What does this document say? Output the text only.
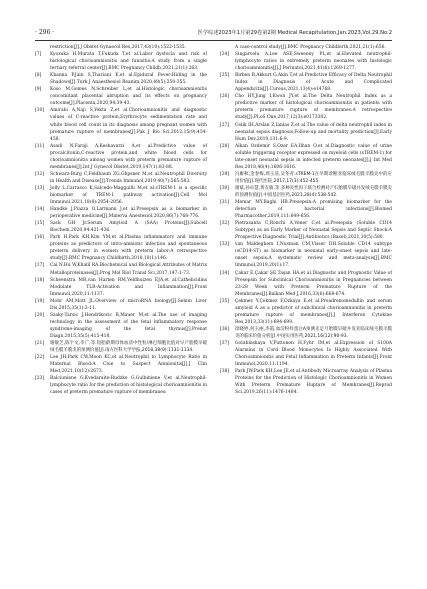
· 296 ·	医学综述2023年1月第29卷第2期 Medical Recapitulation,Jan.2023,Vol.29,No.2
restriction[J].J Obstet Gynaecol Res,2017,43(10):1522-1535.
[7]	Kyozuka H,Murata T,Fukuda T,et al.Labor dystocia and risk of histological chorioamnionitis and funisitis:A study from a single tertiary referral center[J].BMC Pregnancy Childb,2021,21(1):263.
[8]	Khanna P,Jain S,Thariani K,et al.Epidural Fever:Hiding in the Shadows[J].Turk J Anaesthesiol Reanim,2020,48(5):350-355.
[9]	Koso M,Gomes N,Schreiber L,et al.Histologic chorioamnionitis concomitant placental abruption and its effects on pregnancy outcome[J].Placenta,2020,94:39-43.
[10]	Amirabi A,Naji S,Yekta Z,et al.Chorioamnionitis and diagnostic values of C-reactive protein,Erythrocyte sedimentation rate and white blood cell count in its diagnosis among pregnant women with premature rupture of membranes[J].Pak J Bio Sci,2012,15(9):454-458.
[11]	Asadi N,Faraji A,Keshavarzi A,et al.Predictive value of procalcitonin,C-reactive protein,and white blood cells for chorioamnionitis among women with preterm premature rupture of membranes[J].Int J Gynecol Obstet,2019,147(1):83-88.
[12]	Schwarz-Burg C,Feldbaum ZG,Gbpsner M,et al.Neutrophil Diversity in Health and Disease[J].Trends Immunol,2019,40(7):565-583.
[13]	Jolly L,Carrasco K,Salcedo-Magguilli M,et al.sTREM-1 is a specific biomarker of TREM-1 pathway activation[J].Cell Mol Immunol,2021,18(8):2054-2056.
[14]	Handke J,Piazza O,Larmann J,et al.Presepsin as a biomarker in perioperative medicine[J].Minerva Anestesiol,2020,86(7):768-776.
[15]	Sack GH Jr.Serum Amyloid A (SAA) Proteins[J].Subcell Biochem,2020,94:421-436.
[16]	Park H,Park KH,Kim YM,et al.Plasma inflammatory and immune proteins as predictors of intra-amniotic infection and spontaneous preterm delivery in women with preterm labor:A retrospective study[J].BMC Pregnancy Childbirth,2018,18(1):146.
[17]	Cai N,Hu W,Khalil RA.Biochemical and Biological Attributes of Matrix Metalloproteinases[J].Prog Mol Biol Transl Sci,2017,147:1-73.
[18]	Scheenstra MR,van Harten RM,Veldhuizen EJA,et al.Cathelicidins Modulate TLR-Activation and Inflammation[J].Front Immunol,2020,11:1137.
[19]	Mohr AM,Mott JL.Overview of microRNA biology[J].Semin Liver Dis,2015,35(1):3-11.
[20]	Szaky-Tarsic J,Hendrikovic B,Mauer M,et al.The use of imaging technology in the assessment of the fetal inflammatory response syndrome-imaging of the fetal thymus[J].Prenat Diagn,2015,35(5):415-418.
[21]	谢敏芝,陈宇文,李广,等.短胎龄期母体血清中性粒/淋巴细胞比值对早产胎膜早破绒毛膜羊膜炎的预测价值[J].南方医科大学学报,2018,38(9):1131-1134.
[22]	Lee JH,Park CW,Moon KC,et al.Neutrophil to Lymphocyte Ratio in Maternal Blood:A Clue to Suspect Amnionitis[J].J Clin Med,2021,10(12):2673.
[23]	Balciuniene G,Kvedaraite-Rudzke G,Gulbiniene V,et al.Neutrophil-lymphocyte ratio for the prediction of histological chorioamnionitis in cases of preterm premature rupture of membranes:
A case-control study[J].BMC Pregnancy Childbirth,2021,21(1):656.
[24]	Singarvelu A,Lee ASE,Sweeney PL,et al.Elevated neutrophil-lymphocyte ratios in extremely preterm neonates with histologic chorioamnionitis[J].J Perinatol,2021,41(6):1269-1277.
[25]	Birben B,Akkurt G,Akin T,et al.Predictive Efficacy of Delta Neutrophil Index in Diagnosis of Acute and Complicated Appendicitis[J].Cureus,2021,13(4):e14768.
[26]	Cho HY,Jung I,Kwon JY,et al.The Delta Neutrophil Index as a predictive marker of histological chorioamnionitis in patients with preterm premature rupture of membranes:A retrospective study[J].PLoS One,2017,12(3):e0173382.
[27]	Celik IH,Arslan Z,Ianlas Z,et al.The value of delta neutrophil index in neonatal sepsis diagnosis,Follow-up and mortality prediction[J].Early Hum Dev,2019,131:6-9.
[28]	Alkan Ozdemir S,Ozer EA,Ilhan O,et al.Diagnostic value of urine soluble triggering receptor expressed on myeloid cells (sTREM-1) for late-onset neonatal sepsis in infected preterm neonates[J].J Int Med Res,2018,46(4):1606-1616.
[29]	冯雁秋,金春梅,周玉清,吴冬青.sTREM-1在早期诊断亚临床绒毛膜羊膜炎中的应用价值[J].现代医院,2017,17(3):452-455.
[30]	谢斌,孙卓慧,黄友敏,等.多种炎性因子联合检测对产妇胎膜早破并发绒毛膜羊膜炎的预测价值[J].中国基层医药,2021,28(4):538-542.
[31]	Memar MY,Baghi HB.Presepsin:A promising biomarker for the detection of bacterial infections[J].Biomed Pharmacother,2019,111:649-656.
[32]	Pietrasanta C,Ronchi A,Vener C,et al.Presepsin (Soluble CD14 Subtype) as an Early Marker of Neonatal Sepsis and Septic Shock:A Prospective Diagnostic Trial[J].Antibiotics (Basel),2021,10(5):580.
[33]	van Maldeghem I,Nusman CM,Visser DH.Soluble CD14 subtype (sCD14-ST) as biomarker in neonatal early-onset sepsis and late-onset sepsis:A systematic review and meta-analysis[J].BMC Immunol,2019,20(1):17.
[34]	Çakar E,Çakar ŞE,Taşan HA,et al.Diagnostic and Prognostic Value of Presepsin for Subclinical Chorioamnionitis in Pregnancies between 23-28 Week with Preterm Premature Rupture of the Membranes[J].Balkan Med J,2016,33(6):668-674.
[35]	Çekmez Y,Çekmez F,Ozkaya E,et al.Proadrenomedullin and serum amyloid A as a predictor of subclinical chorioamnionitis in preterm premature rupture of membranes[J].J Interferon Cytokine Res,2013,33(11):694-699.
[36]	徐晓婷,何玉丽,李霞.血淀粉样蛋白A预测未足月胎膜早破并发亚临床绒毛膜羊膜炎的临床价值分析[J].中国实用医药,2021,16(12):90-93.
[37]	Golubinskaya V,Puttonen H,Fyhr IM,et al.Expression of S100A Alarmins in Cord Blood Monocytes Is Highly Associated With Chorioamnionitis and Fetal Inflammation in Preterm Infants[J].Front Immunol,2020,11:1194.
[38]	Park JW,Park KH,Lee JE,et al.Antibody Microarray Analysis of Plasma Proteins for the Prediction of Histologic Chorioamnionitis in Women With Preterm Premature Rupture of Membranes[J].Reprod Sci,2019,26(11):1476-1484.
